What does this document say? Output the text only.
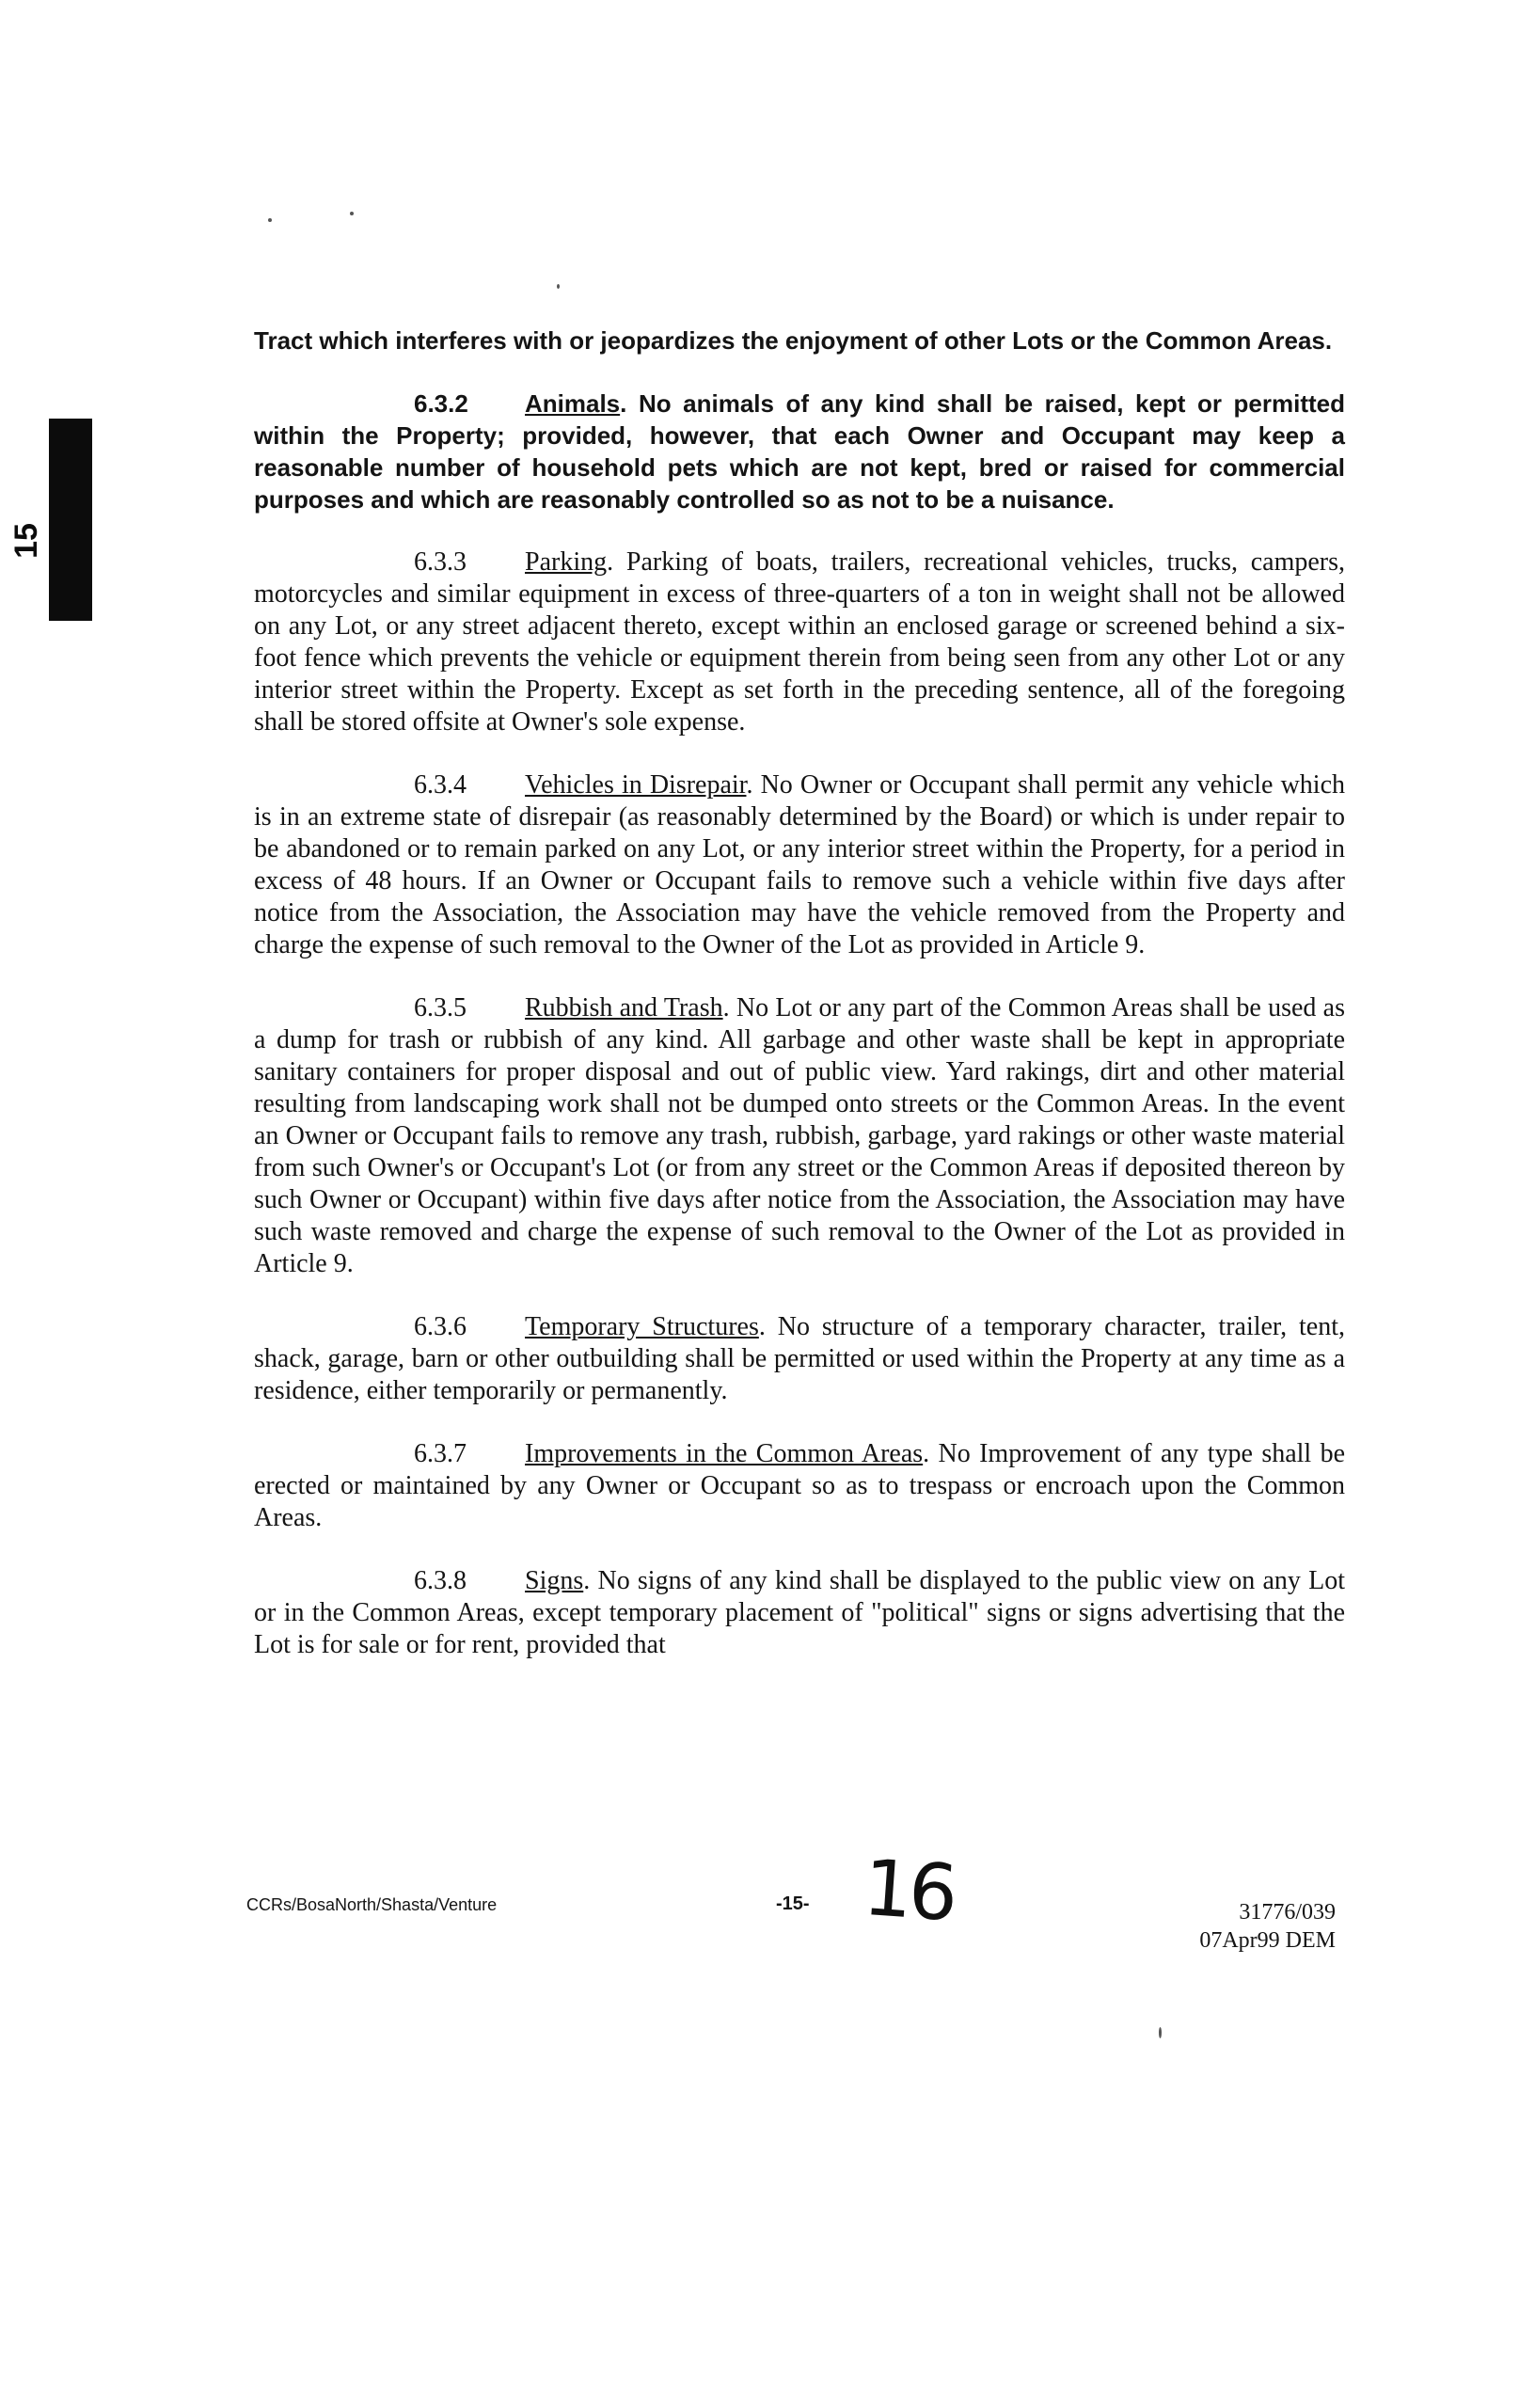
15

Tract which interferes with or jeopardizes the enjoyment of other Lots or the Common Areas.

6.3.2 Animals. No animals of any kind shall be raised, kept or permitted within the Property; provided, however, that each Owner and Occupant may keep a reasonable number of household pets which are not kept, bred or raised for commercial purposes and which are reasonably controlled so as not to be a nuisance.

6.3.3 Parking. Parking of boats, trailers, recreational vehicles, trucks, campers, motorcycles and similar equipment in excess of three-quarters of a ton in weight shall not be allowed on any Lot, or any street adjacent thereto, except within an enclosed garage or screened behind a six-foot fence which prevents the vehicle or equipment therein from being seen from any other Lot or any interior street within the Property. Except as set forth in the preceding sentence, all of the foregoing shall be stored offsite at Owner's sole expense.

6.3.4 Vehicles in Disrepair. No Owner or Occupant shall permit any vehicle which is in an extreme state of disrepair (as reasonably determined by the Board) or which is under repair to be abandoned or to remain parked on any Lot, or any interior street within the Property, for a period in excess of 48 hours. If an Owner or Occupant fails to remove such a vehicle within five days after notice from the Association, the Association may have the vehicle removed from the Property and charge the expense of such removal to the Owner of the Lot as provided in Article 9.

6.3.5 Rubbish and Trash. No Lot or any part of the Common Areas shall be used as a dump for trash or rubbish of any kind. All garbage and other waste shall be kept in appropriate sanitary containers for proper disposal and out of public view. Yard rakings, dirt and other material resulting from landscaping work shall not be dumped onto streets or the Common Areas. In the event an Owner or Occupant fails to remove any trash, rubbish, garbage, yard rakings or other waste material from such Owner's or Occupant's Lot (or from any street or the Common Areas if deposited thereon by such Owner or Occupant) within five days after notice from the Association, the Association may have such waste removed and charge the expense of such removal to the Owner of the Lot as provided in Article 9.

6.3.6 Temporary Structures. No structure of a temporary character, trailer, tent, shack, garage, barn or other outbuilding shall be permitted or used within the Property at any time as a residence, either temporarily or permanently.

6.3.7 Improvements in the Common Areas. No Improvement of any type shall be erected or maintained by any Owner or Occupant so as to trespass or encroach upon the Common Areas.

6.3.8 Signs. No signs of any kind shall be displayed to the public view on any Lot or in the Common Areas, except temporary placement of "political" signs or signs advertising that the Lot is for sale or for rent, provided that

CCRs/BosaNorth/Shasta/Venture	-15- 16	31776/039
07Apr99 DEM
